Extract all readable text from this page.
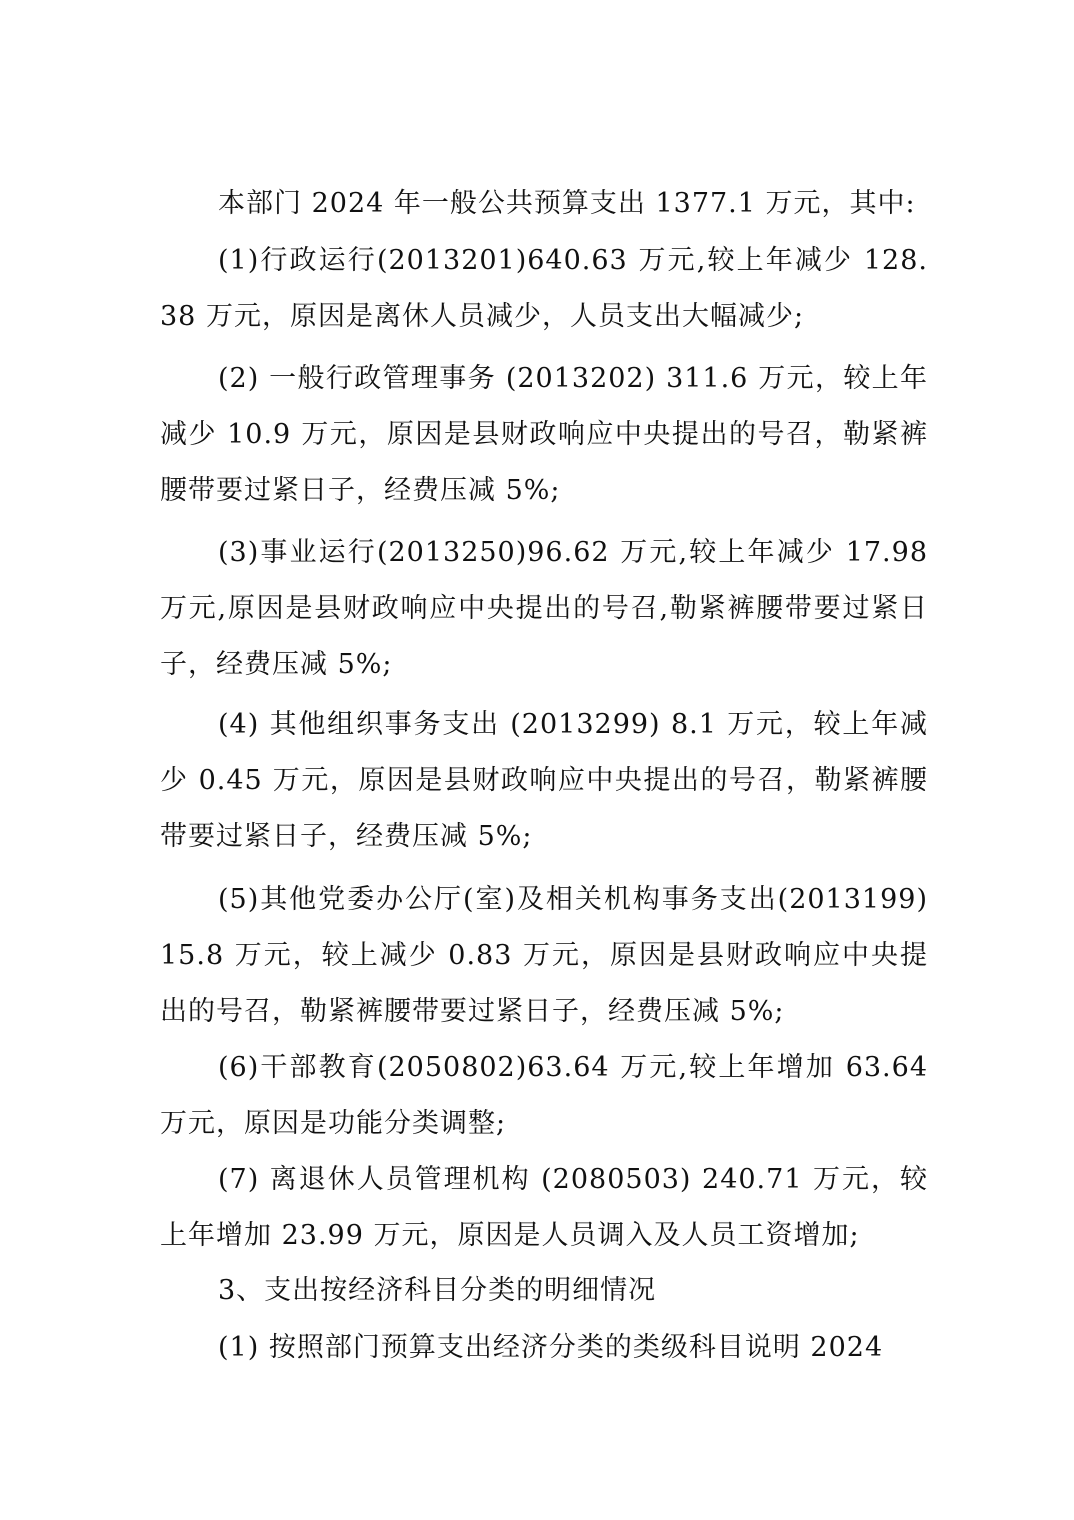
本部门 2024 年一般公共预算支出 1377.1 万元，其中:

(1)行政运行(2013201)640.63 万元,较上年减少 128.38 万元，原因是离休人员减少，人员支出大幅减少;

(2) 一般行政管理事务 (2013202) 311.6 万元，较上年减少 10.9 万元，原因是县财政响应中央提出的号召，勒紧裤腰带要过紧日子，经费压减 5%;

(3)事业运行(2013250)96.62 万元,较上年减少 17.98 万元,原因是县财政响应中央提出的号召,勒紧裤腰带要过紧日子，经费压减 5%;

(4) 其他组织事务支出 (2013299) 8.1 万元，较上年减少 0.45 万元，原因是县财政响应中央提出的号召，勒紧裤腰带要过紧日子，经费压减 5%;

(5)其他党委办公厅(室)及相关机构事务支出(2013199) 15.8 万元，较上减少 0.83 万元，原因是县财政响应中央提出的号召，勒紧裤腰带要过紧日子，经费压减 5%;

(6)干部教育(2050802)63.64 万元,较上年增加 63.64 万元，原因是功能分类调整;

(7) 离退休人员管理机构 (2080503) 240.71 万元，较上年增加 23.99 万元，原因是人员调入及人员工资增加;

3、支出按经济科目分类的明细情况

(1) 按照部门预算支出经济分类的类级科目说明 2024
